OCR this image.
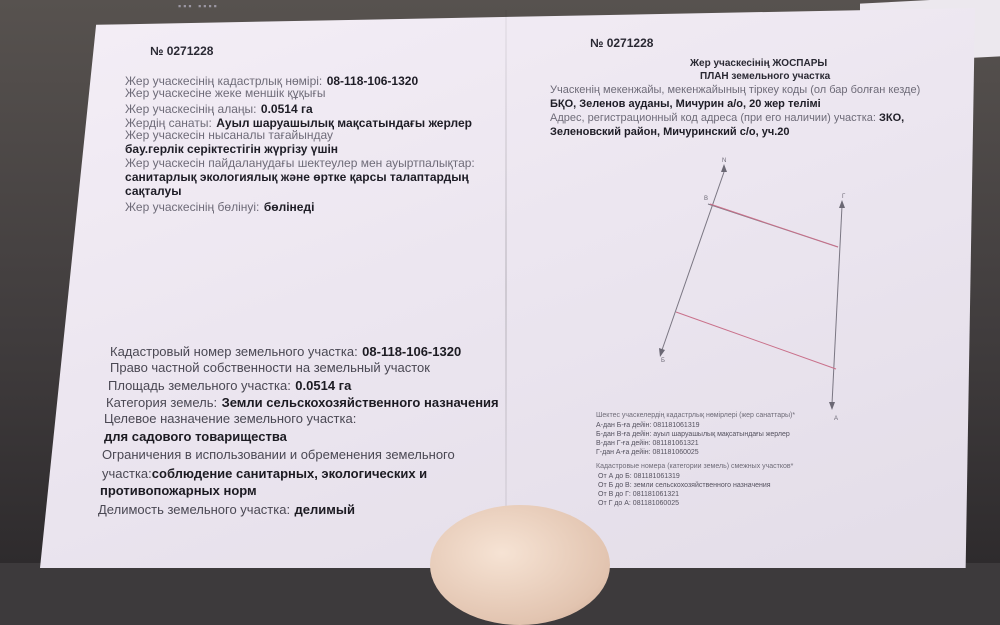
▪▪▪ ▪▪▪▪
№ 0271228
Жер учаскесінің кадастрлық нөмірі: 08-118-106-1320
Жер учаскесіне жеке меншік құқығы
Жер учаскесінің алаңы: 0.0514 га
Жердің санаты: Ауыл шаруашылық мақсатындағы жерлер
Жер учаскесін нысаналы тағайындау
бау.герлік серіктестігін жүргізу үшін
Жер учаскесін пайдаланудағы шектеулер мен ауыртпалықтар:
санитарлық экологиялық және өртке қарсы талаптардың
сақталуы
Жер учаскесінің бөлінуі: бөлінеді
Кадастровый номер земельного участка: 08-118-106-1320
Право частной собственности на земельный участок
Площадь земельного участка: 0.0514 га
Категория земель: Земли сельскохозяйственного назначения
Целевое назначение земельного участка:
для садового товарищества
Ограничения в использовании и обременения земельного
участка:соблюдение санитарных, экологических и
противопожарных норм
Делимость земельного участка: делимый
№ 0271228
Жер учаскесінің ЖОСПАРЫ
ПЛАН земельного участка
Учаскенің мекенжайы, мекенжайының тіркеу коды (ол бар болған кезде)
БҚО, Зеленов ауданы, Мичурин а/о, 20 жер телімі
Адрес, регистрационный код адреса (при его наличии) участка: ЗКО,
Зеленовский район, Мичуринский с/о, уч.20
N
Г
Б
А
В
Шектес учаскелердің кадастрлық нөмірлері (жер санаттары)*
А-дан Б-ға дейін: 081181061319
Б-дан В-ға дейін: ауыл шаруашылық мақсатындағы жерлер
В-дан Г-ға дейін: 081181061321
Г-дан А-ға дейін: 081181060025
Кадастровые номера (категории земель) смежных участков*
От А до Б: 081181061319
От Б до В: земли сельскохозяйственного назначения
От В до Г: 081181061321
От Г до А: 081181060025
